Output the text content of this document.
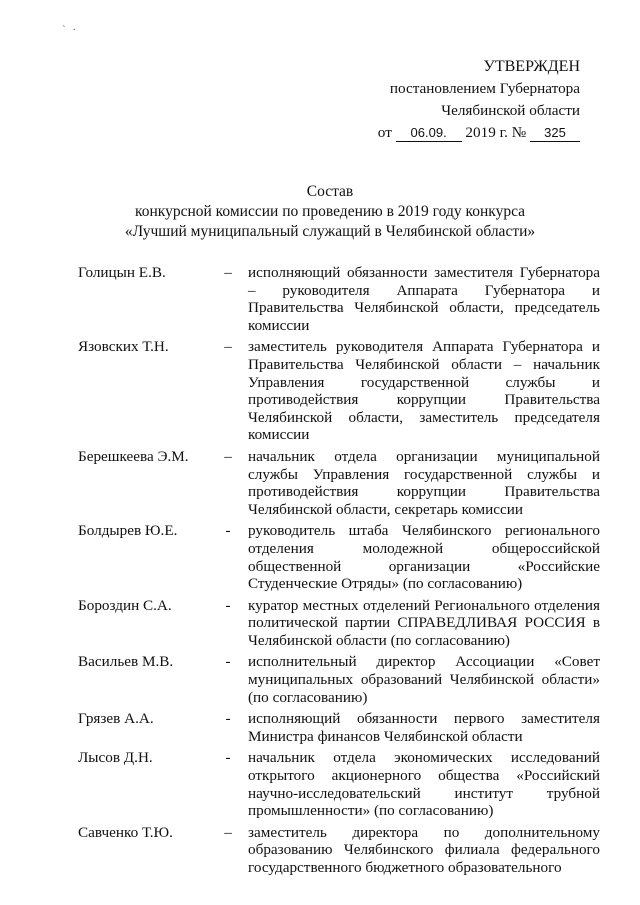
` ·
УТВЕРЖДЕН
постановлением Губернатора
Челябинской области
от 06.09. 2019 г. № 325
Состав
конкурсной комиссии по проведению в 2019 году конкурса
«Лучший муниципальный служащий в Челябинской области»
Голицын Е.В.	–	исполняющий обязанности заместителя Губернатора – руководителя Аппарата Губернатора и Правительства Челябинской области, председатель комиссии
Язовских Т.Н.	–	заместитель руководителя Аппарата Губернатора и Правительства Челябинской области – начальник Управления государственной службы и противодействия коррупции Правительства Челябинской области, заместитель председателя комиссии
Берешкеева Э.М.	–	начальник отдела организации муниципальной службы Управления государственной службы и противодействия коррупции Правительства Челябинской области, секретарь комиссии
Болдырев Ю.Е.	-	руководитель штаба Челябинского регионального отделения молодежной общероссийской общественной организации «Российские Студенческие Отряды» (по согласованию)
Бороздин С.А.	-	куратор местных отделений Регионального отделения политической партии СПРАВЕДЛИВАЯ РОССИЯ в Челябинской области (по согласованию)
Васильев М.В.	-	исполнительный директор Ассоциации «Совет муниципальных образований Челябинской области» (по согласованию)
Грязев А.А.	-	исполняющий обязанности первого заместителя Министра финансов Челябинской области
Лысов Д.Н.	-	начальник отдела экономических исследований открытого акционерного общества «Российский научно-исследовательский институт трубной промышленности» (по согласованию)
Савченко Т.Ю.	–	заместитель директора по дополнительному образованию Челябинского филиала федерального государственного бюджетного образовательного
